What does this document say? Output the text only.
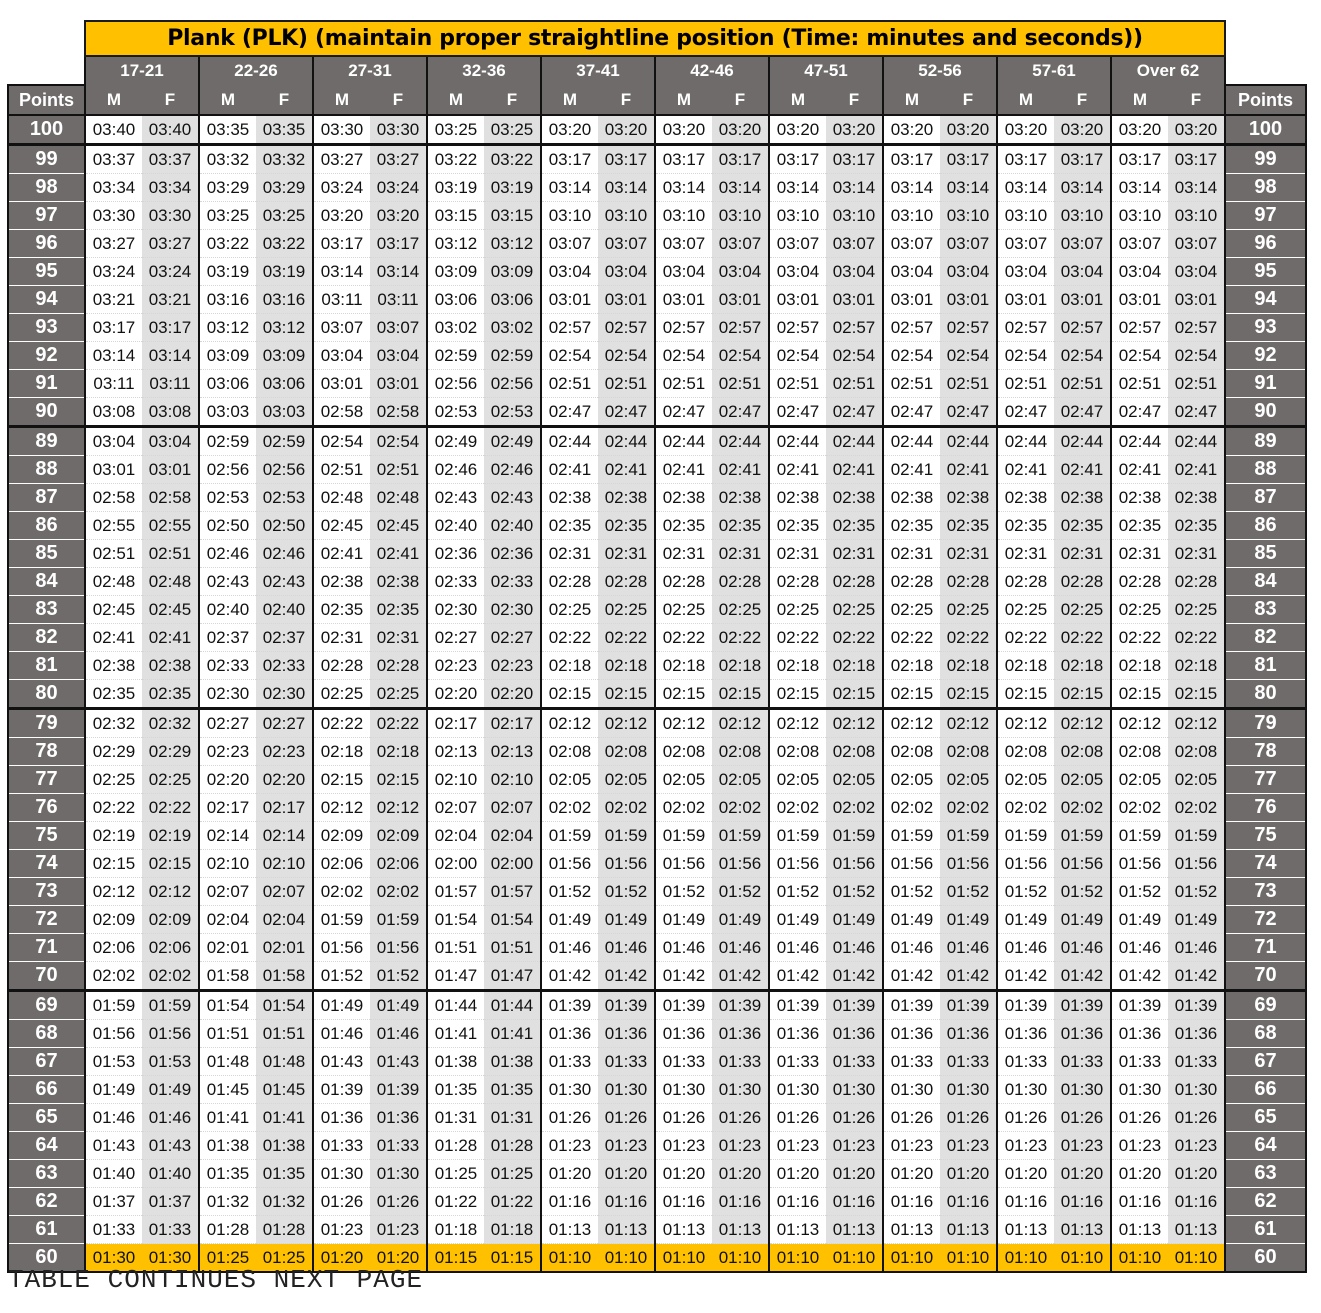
	Plank (PLK) (maintain proper straightline position (Time: minutes and seconds))																				
	17-21		22-26		27-31		32-36		37-41		42-46		47-51		52-56		57-61		Over 62		
Points	M	F	M	F	M	F	M	F	M	F	M	F	M	F	M	F	M	F	M	F	Points
100	03:40	03:40	03:35	03:35	03:30	03:30	03:25	03:25	03:20	03:20	03:20	03:20	03:20	03:20	03:20	03:20	03:20	03:20	03:20	03:20	100
99	03:37	03:37	03:32	03:32	03:27	03:27	03:22	03:22	03:17	03:17	03:17	03:17	03:17	03:17	03:17	03:17	03:17	03:17	03:17	03:17	99
98	03:34	03:34	03:29	03:29	03:24	03:24	03:19	03:19	03:14	03:14	03:14	03:14	03:14	03:14	03:14	03:14	03:14	03:14	03:14	03:14	98
97	03:30	03:30	03:25	03:25	03:20	03:20	03:15	03:15	03:10	03:10	03:10	03:10	03:10	03:10	03:10	03:10	03:10	03:10	03:10	03:10	97
96	03:27	03:27	03:22	03:22	03:17	03:17	03:12	03:12	03:07	03:07	03:07	03:07	03:07	03:07	03:07	03:07	03:07	03:07	03:07	03:07	96
95	03:24	03:24	03:19	03:19	03:14	03:14	03:09	03:09	03:04	03:04	03:04	03:04	03:04	03:04	03:04	03:04	03:04	03:04	03:04	03:04	95
94	03:21	03:21	03:16	03:16	03:11	03:11	03:06	03:06	03:01	03:01	03:01	03:01	03:01	03:01	03:01	03:01	03:01	03:01	03:01	03:01	94
93	03:17	03:17	03:12	03:12	03:07	03:07	03:02	03:02	02:57	02:57	02:57	02:57	02:57	02:57	02:57	02:57	02:57	02:57	02:57	02:57	93
92	03:14	03:14	03:09	03:09	03:04	03:04	02:59	02:59	02:54	02:54	02:54	02:54	02:54	02:54	02:54	02:54	02:54	02:54	02:54	02:54	92
91	03:11	03:11	03:06	03:06	03:01	03:01	02:56	02:56	02:51	02:51	02:51	02:51	02:51	02:51	02:51	02:51	02:51	02:51	02:51	02:51	91
90	03:08	03:08	03:03	03:03	02:58	02:58	02:53	02:53	02:47	02:47	02:47	02:47	02:47	02:47	02:47	02:47	02:47	02:47	02:47	02:47	90
89	03:04	03:04	02:59	02:59	02:54	02:54	02:49	02:49	02:44	02:44	02:44	02:44	02:44	02:44	02:44	02:44	02:44	02:44	02:44	02:44	89
88	03:01	03:01	02:56	02:56	02:51	02:51	02:46	02:46	02:41	02:41	02:41	02:41	02:41	02:41	02:41	02:41	02:41	02:41	02:41	02:41	88
87	02:58	02:58	02:53	02:53	02:48	02:48	02:43	02:43	02:38	02:38	02:38	02:38	02:38	02:38	02:38	02:38	02:38	02:38	02:38	02:38	87
86	02:55	02:55	02:50	02:50	02:45	02:45	02:40	02:40	02:35	02:35	02:35	02:35	02:35	02:35	02:35	02:35	02:35	02:35	02:35	02:35	86
85	02:51	02:51	02:46	02:46	02:41	02:41	02:36	02:36	02:31	02:31	02:31	02:31	02:31	02:31	02:31	02:31	02:31	02:31	02:31	02:31	85
84	02:48	02:48	02:43	02:43	02:38	02:38	02:33	02:33	02:28	02:28	02:28	02:28	02:28	02:28	02:28	02:28	02:28	02:28	02:28	02:28	84
83	02:45	02:45	02:40	02:40	02:35	02:35	02:30	02:30	02:25	02:25	02:25	02:25	02:25	02:25	02:25	02:25	02:25	02:25	02:25	02:25	83
82	02:41	02:41	02:37	02:37	02:31	02:31	02:27	02:27	02:22	02:22	02:22	02:22	02:22	02:22	02:22	02:22	02:22	02:22	02:22	02:22	82
81	02:38	02:38	02:33	02:33	02:28	02:28	02:23	02:23	02:18	02:18	02:18	02:18	02:18	02:18	02:18	02:18	02:18	02:18	02:18	02:18	81
80	02:35	02:35	02:30	02:30	02:25	02:25	02:20	02:20	02:15	02:15	02:15	02:15	02:15	02:15	02:15	02:15	02:15	02:15	02:15	02:15	80
79	02:32	02:32	02:27	02:27	02:22	02:22	02:17	02:17	02:12	02:12	02:12	02:12	02:12	02:12	02:12	02:12	02:12	02:12	02:12	02:12	79
78	02:29	02:29	02:23	02:23	02:18	02:18	02:13	02:13	02:08	02:08	02:08	02:08	02:08	02:08	02:08	02:08	02:08	02:08	02:08	02:08	78
77	02:25	02:25	02:20	02:20	02:15	02:15	02:10	02:10	02:05	02:05	02:05	02:05	02:05	02:05	02:05	02:05	02:05	02:05	02:05	02:05	77
76	02:22	02:22	02:17	02:17	02:12	02:12	02:07	02:07	02:02	02:02	02:02	02:02	02:02	02:02	02:02	02:02	02:02	02:02	02:02	02:02	76
75	02:19	02:19	02:14	02:14	02:09	02:09	02:04	02:04	01:59	01:59	01:59	01:59	01:59	01:59	01:59	01:59	01:59	01:59	01:59	01:59	75
74	02:15	02:15	02:10	02:10	02:06	02:06	02:00	02:00	01:56	01:56	01:56	01:56	01:56	01:56	01:56	01:56	01:56	01:56	01:56	01:56	74
73	02:12	02:12	02:07	02:07	02:02	02:02	01:57	01:57	01:52	01:52	01:52	01:52	01:52	01:52	01:52	01:52	01:52	01:52	01:52	01:52	73
72	02:09	02:09	02:04	02:04	01:59	01:59	01:54	01:54	01:49	01:49	01:49	01:49	01:49	01:49	01:49	01:49	01:49	01:49	01:49	01:49	72
71	02:06	02:06	02:01	02:01	01:56	01:56	01:51	01:51	01:46	01:46	01:46	01:46	01:46	01:46	01:46	01:46	01:46	01:46	01:46	01:46	71
70	02:02	02:02	01:58	01:58	01:52	01:52	01:47	01:47	01:42	01:42	01:42	01:42	01:42	01:42	01:42	01:42	01:42	01:42	01:42	01:42	70
69	01:59	01:59	01:54	01:54	01:49	01:49	01:44	01:44	01:39	01:39	01:39	01:39	01:39	01:39	01:39	01:39	01:39	01:39	01:39	01:39	69
68	01:56	01:56	01:51	01:51	01:46	01:46	01:41	01:41	01:36	01:36	01:36	01:36	01:36	01:36	01:36	01:36	01:36	01:36	01:36	01:36	68
67	01:53	01:53	01:48	01:48	01:43	01:43	01:38	01:38	01:33	01:33	01:33	01:33	01:33	01:33	01:33	01:33	01:33	01:33	01:33	01:33	67
66	01:49	01:49	01:45	01:45	01:39	01:39	01:35	01:35	01:30	01:30	01:30	01:30	01:30	01:30	01:30	01:30	01:30	01:30	01:30	01:30	66
65	01:46	01:46	01:41	01:41	01:36	01:36	01:31	01:31	01:26	01:26	01:26	01:26	01:26	01:26	01:26	01:26	01:26	01:26	01:26	01:26	65
64	01:43	01:43	01:38	01:38	01:33	01:33	01:28	01:28	01:23	01:23	01:23	01:23	01:23	01:23	01:23	01:23	01:23	01:23	01:23	01:23	64
63	01:40	01:40	01:35	01:35	01:30	01:30	01:25	01:25	01:20	01:20	01:20	01:20	01:20	01:20	01:20	01:20	01:20	01:20	01:20	01:20	63
62	01:37	01:37	01:32	01:32	01:26	01:26	01:22	01:22	01:16	01:16	01:16	01:16	01:16	01:16	01:16	01:16	01:16	01:16	01:16	01:16	62
61	01:33	01:33	01:28	01:28	01:23	01:23	01:18	01:18	01:13	01:13	01:13	01:13	01:13	01:13	01:13	01:13	01:13	01:13	01:13	01:13	61
60	01:30	01:30	01:25	01:25	01:20	01:20	01:15	01:15	01:10	01:10	01:10	01:10	01:10	01:10	01:10	01:10	01:10	01:10	01:10	01:10	60
TABLE CONTINUES NEXT PAGE
